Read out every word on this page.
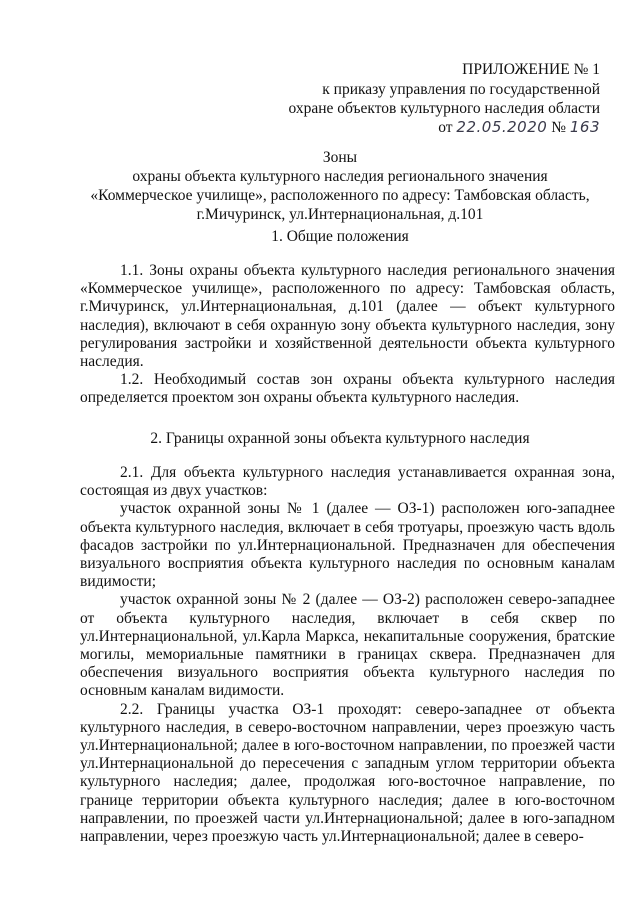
ПРИЛОЖЕНИЕ № 1
к приказу управления по государственной
охране объектов культурного наследия области
от 22.05.2020 № 163
Зоны
охраны объекта культурного наследия регионального значения
«Коммерческое училище», расположенного по адресу: Тамбовская область,
г.Мичуринск, ул.Интернациональная, д.101
1. Общие положения

1.1. Зоны охраны объекта культурного наследия регионального значения «Коммерческое училище», расположенного по адресу: Тамбовская область, г.Мичуринск, ул.Интернациональная, д.101 (далее — объект культурного наследия), включают в себя охранную зону объекта культурного наследия, зону регулирования застройки и хозяйственной деятельности объекта культурного наследия.

1.2. Необходимый состав зон охраны объекта культурного наследия определяется проектом зон охраны объекта культурного наследия.

2. Границы охранной зоны объекта культурного наследия

2.1. Для объекта культурного наследия устанавливается охранная зона, состоящая из двух участков:

участок охранной зоны № 1 (далее — ОЗ-1) расположен юго-западнее объекта культурного наследия, включает в себя тротуары, проезжую часть вдоль фасадов застройки по ул.Интернациональной. Предназначен для обеспечения визуального восприятия объекта культурного наследия по основным каналам видимости;

участок охранной зоны № 2 (далее — ОЗ-2) расположен северо-западнее от объекта культурного наследия, включает в себя сквер по ул.Интернациональной, ул.Карла Маркса, некапитальные сооружения, братские могилы, мемориальные памятники в границах сквера. Предназначен для обеспечения визуального восприятия объекта культурного наследия по основным каналам видимости.

2.2. Границы участка ОЗ-1 проходят: северо-западнее от объекта культурного наследия, в северо-восточном направлении, через проезжую часть ул.Интернациональной; далее в юго-восточном направлении, по проезжей части ул.Интернациональной до пересечения с западным углом территории объекта культурного наследия; далее, продолжая юго-восточное направление, по границе территории объекта культурного наследия; далее в юго-восточном направлении, по проезжей части ул.Интернациональной; далее в юго-западном направлении, через проезжую часть ул.Интернациональной; далее в северо-
